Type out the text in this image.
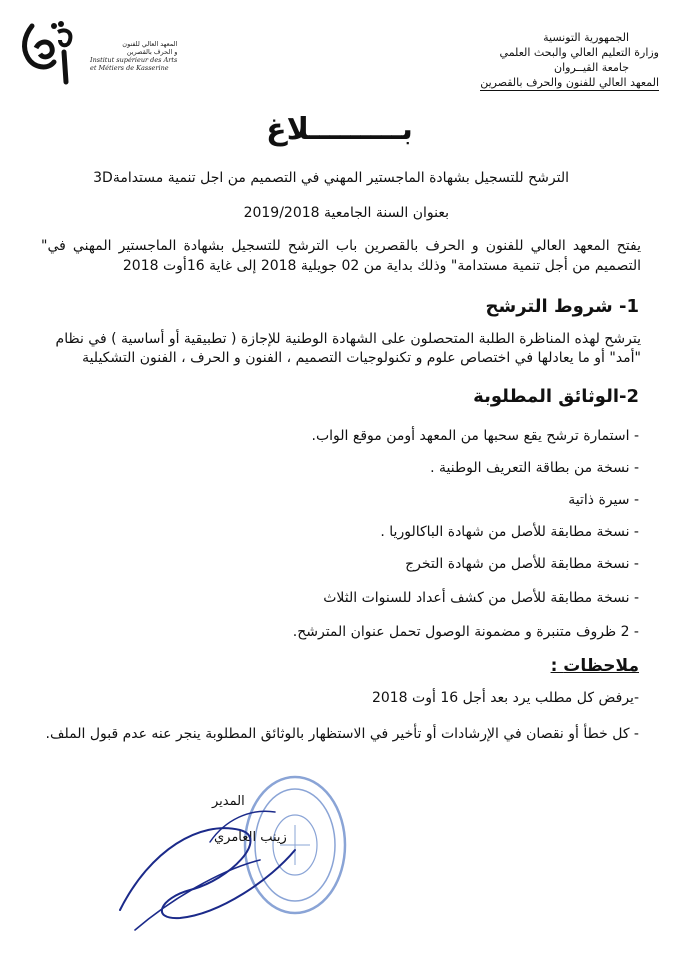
المعهد العالي للفنون
و الحرف بالقصرين
Institut supérieur des Arts
et Métiers de Kasserine
الجمهورية التونسية
وزارة التعليم العالي والبحث العلمي
جامعة القيــروان
المعهد العالي للفنون والحرف بالقصرين
بـــــــــلاغ
الترشح للتسجيل بشهادة الماجستير المهني في التصميم من اجل تنمية مستدامة3D
بعنوان السنة الجامعية 2019/2018
يفتح المعهد العالي للفنون و الحرف بالقصرين باب الترشح للتسجيل بشهادة الماجستير المهني في" التصميم من أجل تنمية مستدامة" وذلك بداية من 02 جويلية 2018 إلى غاية 16أوت 2018
1- شروط الترشح
يترشح لهذه المناظرة الطلبة المتحصلون على الشهادة الوطنية للإجازة ( تطبيقية أو أساسية ) في نظام "أمد" أو ما يعادلها في اختصاص علوم و تكنولوجيات التصميم ، الفنون و الحرف ، الفنون التشكيلية
2-الوثائق المطلوبة
- استمارة ترشح يقع سحبها من المعهد أومن موقع الواب.
- نسخة من بطاقة التعريف الوطنية .
- سيرة ذاتية
- نسخة مطابقة للأصل من شهادة الباكالوريا .
- نسخة مطابقة للأصل من شهادة التخرج
- نسخة مطابقة للأصل من كشف أعداد للسنوات الثلاث
- 2 ظروف متنبرة و مضمونة الوصول تحمل عنوان المترشح.
ملاحظات :
-يرفض كل مطلب يرد بعد أجل 16 أوت 2018
- كل خطأ أو نقصان في الإرشادات أو تأخير في الاستظهار بالوثائق المطلوبة ينجر عنه عدم قبول الملف.
المدير
زينب العامري
